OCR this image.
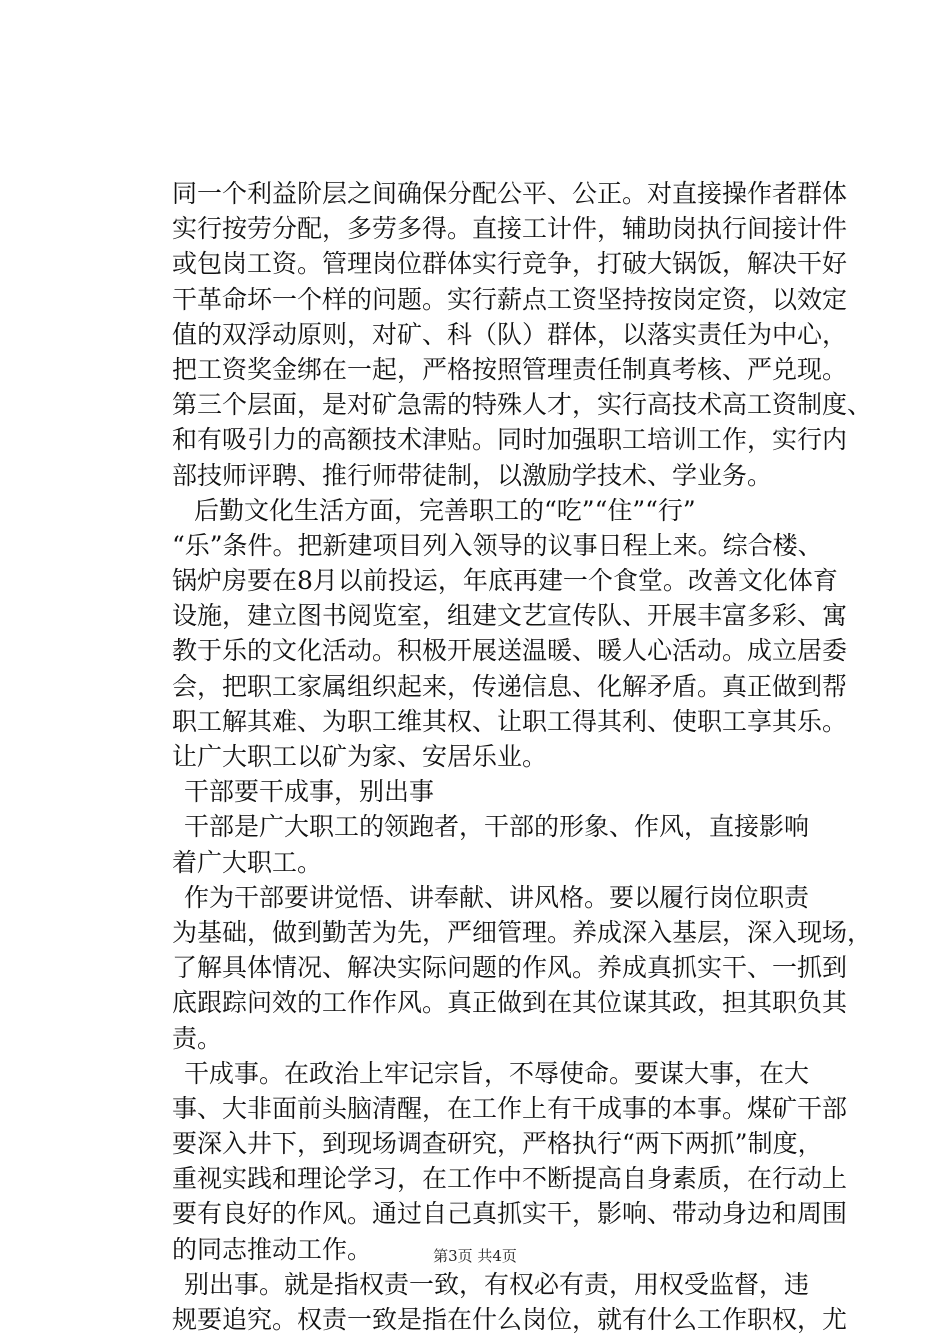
同一个利益阶层之间确保分配公平、公正。对直接操作者群体
实行按劳分配，多劳多得。直接工计件，辅助岗执行间接计件
或包岗工资。管理岗位群体实行竞争，打破大锅饭，解决干好
干革命坏一个样的问题。实行薪点工资坚持按岗定资，以效定
值的双浮动原则，对矿、科（队）群体，以落实责任为中心，
把工资奖金绑在一起，严格按照管理责任制真考核、严兑现。
第三个层面，是对矿急需的特殊人才，实行高技术高工资制度、
和有吸引力的高额技术津贴。同时加强职工培训工作，实行内
部技师评聘、推行师带徒制，以激励学技术、学业务。
后勤文化生活方面，完善职工的“吃”“住”“行”
“乐”条件。把新建项目列入领导的议事日程上来。综合楼、
锅炉房要在8月以前投运，年底再建一个食堂。改善文化体育
设施，建立图书阅览室，组建文艺宣传队、开展丰富多彩、寓
教于乐的文化活动。积极开展送温暖、暖人心活动。成立居委
会，把职工家属组织起来，传递信息、化解矛盾。真正做到帮
职工解其难、为职工维其权、让职工得其利、使职工享其乐。
让广大职工以矿为家、安居乐业。
干部要干成事，别出事
干部是广大职工的领跑者，干部的形象、作风，直接影响
着广大职工。
作为干部要讲觉悟、讲奉献、讲风格。要以履行岗位职责
为基础，做到勤苦为先，严细管理。养成深入基层，深入现场，
了解具体情况、解决实际问题的作风。养成真抓实干、一抓到
底跟踪问效的工作作风。真正做到在其位谋其政，担其职负其
责。
干成事。在政治上牢记宗旨，不辱使命。要谋大事，在大
事、大非面前头脑清醒，在工作上有干成事的本事。煤矿干部
要深入井下，到现场调查研究，严格执行“两下两抓”制度，
重视实践和理论学习，在工作中不断提高自身素质，在行动上
要有良好的作风。通过自己真抓实干，影响、带动身边和周围
的同志推动工作。
别出事。就是指权责一致，有权必有责，用权受监督，违
规要追究。权责一致是指在什么岗位，就有什么工作职权，尤
第3页 共4页
